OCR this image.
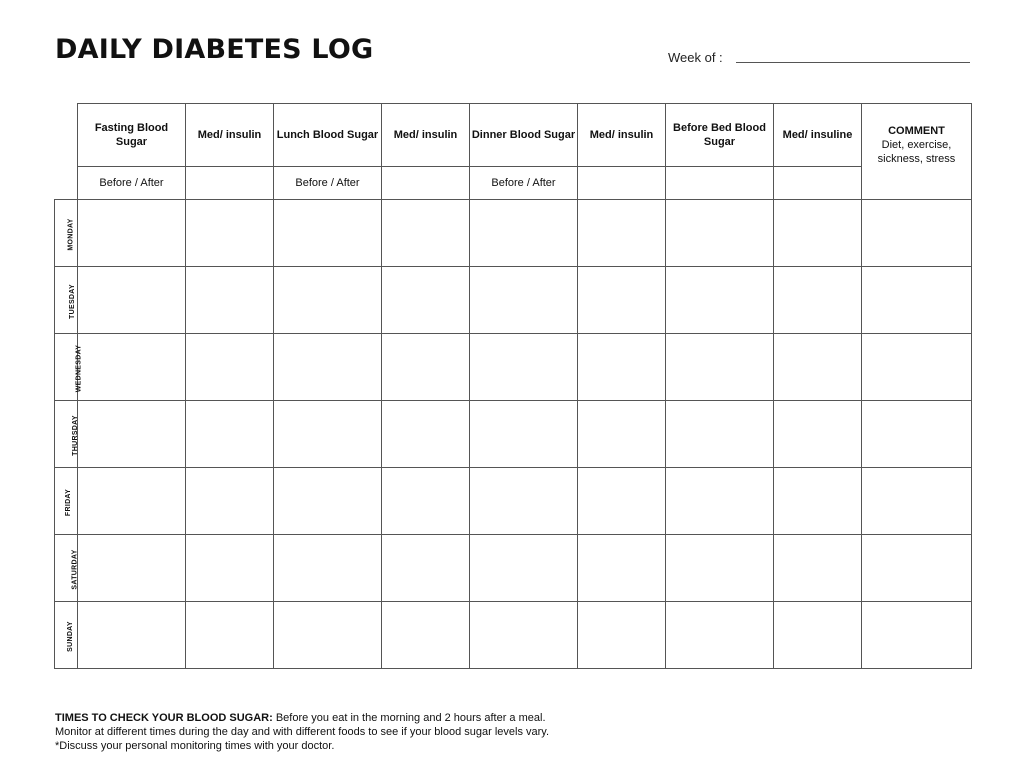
DAILY DIABETES LOG	Week of :
	Fasting Blood Sugar	Med/ insulin	Lunch Blood Sugar	Med/ insulin	Dinner Blood Sugar	Med/ insulin	Before Bed Blood Sugar	Med/ insuline	COMMENT
Diet, exercise, sickness, stress

	Before / After		Before / After		Before / After				
MONDAY									
TUESDAY									
WEDNESDAY									
THURSDAY									
FRIDAY									
SATURDAY									
SUNDAY									
TIMES TO CHECK YOUR BLOOD SUGAR: Before you eat in the morning and 2 hours after a meal.
Monitor at different times during the day and with different foods to see if your blood sugar levels vary.
*Discuss your personal monitoring times with your doctor.
